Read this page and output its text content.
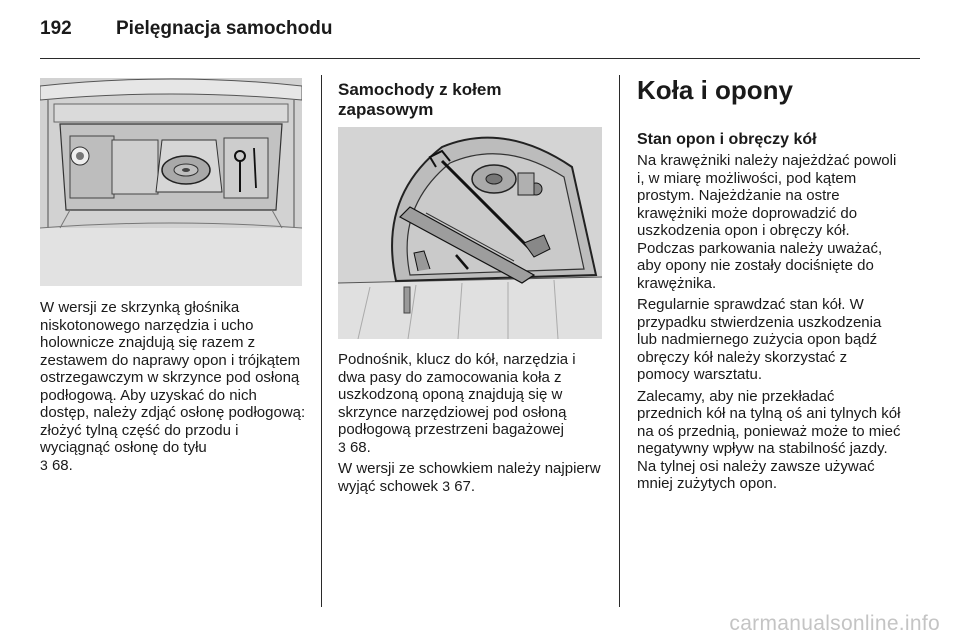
192 Pielęgnacja samochodu

W wersji ze skrzynką głośnika niskotonowego narzędzia i ucho holownicze znajdują się razem z zestawem do naprawy opon i trójkątem ostrzegawczym w skrzynce pod osłoną podłogową. Aby uzyskać do nich dostęp, należy zdjąć osłonę podłogową: złożyć tylną część do przodu i wyciągnąć osłonę do tyłu
3 68.

Samochody z kołem zapasowym

Podnośnik, klucz do kół, narzędzia i dwa pasy do zamocowania koła z uszkodzoną oponą znajdują się w skrzynce narzędziowej pod osłoną podłogową przestrzeni bagażowej
3 68.

W wersji ze schowkiem należy najpierw wyjąć schowek 3 67.

Koła i opony
Stan opon i obręczy kół

Na krawężniki należy najeżdżać powoli i, w miarę możliwości, pod kątem prostym. Najeżdżanie na ostre krawężniki może doprowadzić do uszkodzenia opon i obręczy kół. Podczas parkowania należy uważać, aby opony nie zostały dociśnięte do krawężnika.

Regularnie sprawdzać stan kół. W przypadku stwierdzenia uszkodzenia lub nadmiernego zużycia opon bądź obręczy kół należy skorzystać z pomocy warsztatu.

Zalecamy, aby nie przekładać przednich kół na tylną oś ani tylnych kół na oś przednią, ponieważ może to mieć negatywny wpływ na stabilność jazdy. Na tylnej osi należy zawsze używać mniej zużytych opon.

carmanualsonline.info
